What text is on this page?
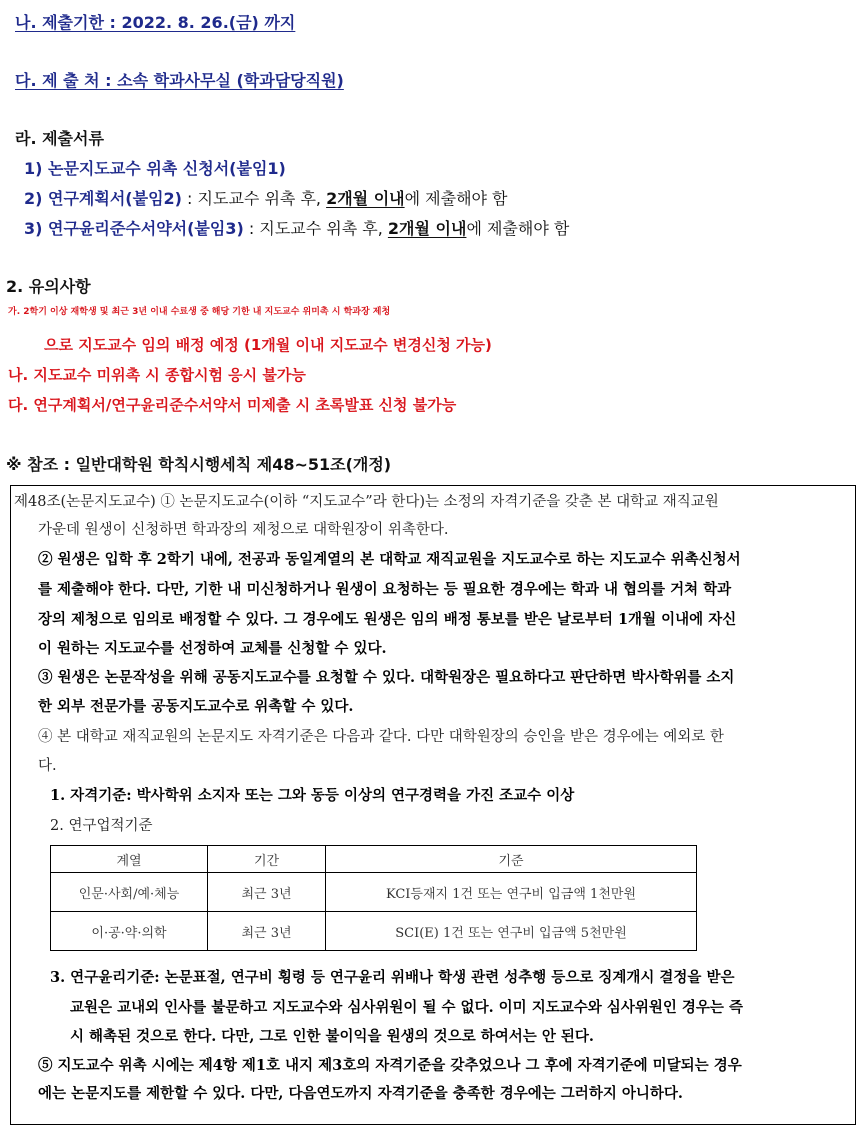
나. 제출기한 : 2022. 8. 26.(금) 까지
다. 제 출 처 : 소속 학과사무실 (학과담당직원)
라. 제출서류
1) 논문지도교수 위촉 신청서(붙임1)
2) 연구계획서(붙임2) : 지도교수 위촉 후, 2개월 이내에 제출해야 함
3) 연구윤리준수서약서(붙임3) : 지도교수 위촉 후, 2개월 이내에 제출해야 함
2. 유의사항
가. 2학기 이상 재학생 및 최근 3년 이내 수료생 중 해당 기한 내 지도교수 위미촉 시 학과장 제청
으로 지도교수 임의 배정 예정 (1개월 이내 지도교수 변경신청 가능)
나. 지도교수 미위촉 시 종합시험 응시 불가능
다. 연구계획서/연구윤리준수서약서 미제출 시 초록발표 신청 불가능
※ 참조 : 일반대학원 학칙시행세칙 제48~51조(개정)
제48조(논문지도교수) ① 논문지도교수(이하 “지도교수”라 한다)는 소정의 자격기준을 갖춘 본 대학교 재직교원
가운데 원생이 신청하면 학과장의 제청으로 대학원장이 위촉한다.
② 원생은 입학 후 2학기 내에, 전공과 동일계열의 본 대학교 재직교원을 지도교수로 하는 지도교수 위촉신청서
를 제출해야 한다. 다만, 기한 내 미신청하거나 원생이 요청하는 등 필요한 경우에는 학과 내 협의를 거쳐 학과
장의 제청으로 임의로 배정할 수 있다. 그 경우에도 원생은 임의 배정 통보를 받은 날로부터 1개월 이내에 자신
이 원하는 지도교수를 선정하여 교체를 신청할 수 있다.
③ 원생은 논문작성을 위해 공동지도교수를 요청할 수 있다. 대학원장은 필요하다고 판단하면 박사학위를 소지
한 외부 전문가를 공동지도교수로 위촉할 수 있다.
④ 본 대학교 재직교원의 논문지도 자격기준은 다음과 같다. 다만 대학원장의 승인을 받은 경우에는 예외로 한
다.
1. 자격기준: 박사학위 소지자 또는 그와 동등 이상의 연구경력을 가진 조교수 이상
2. 연구업적기준
계열	기간	기준
인문·사회/예·체능	최근 3년	KCI등재지 1건 또는 연구비 입금액 1천만원
이·공·약·의학	최근 3년	SCI(E) 1건 또는 연구비 입금액 5천만원
3. 연구윤리기준: 논문표절, 연구비 횡령 등 연구윤리 위배나 학생 관련 성추행 등으로 징계개시 결정을 받은
교원은 교내외 인사를 불문하고 지도교수와 심사위원이 될 수 없다. 이미 지도교수와 심사위원인 경우는 즉
시 해촉된 것으로 한다. 다만, 그로 인한 불이익을 원생의 것으로 하여서는 안 된다.
⑤ 지도교수 위촉 시에는 제4항 제1호 내지 제3호의 자격기준을 갖추었으나 그 후에 자격기준에 미달되는 경우
에는 논문지도를 제한할 수 있다. 다만, 다음연도까지 자격기준을 충족한 경우에는 그러하지 아니하다.
